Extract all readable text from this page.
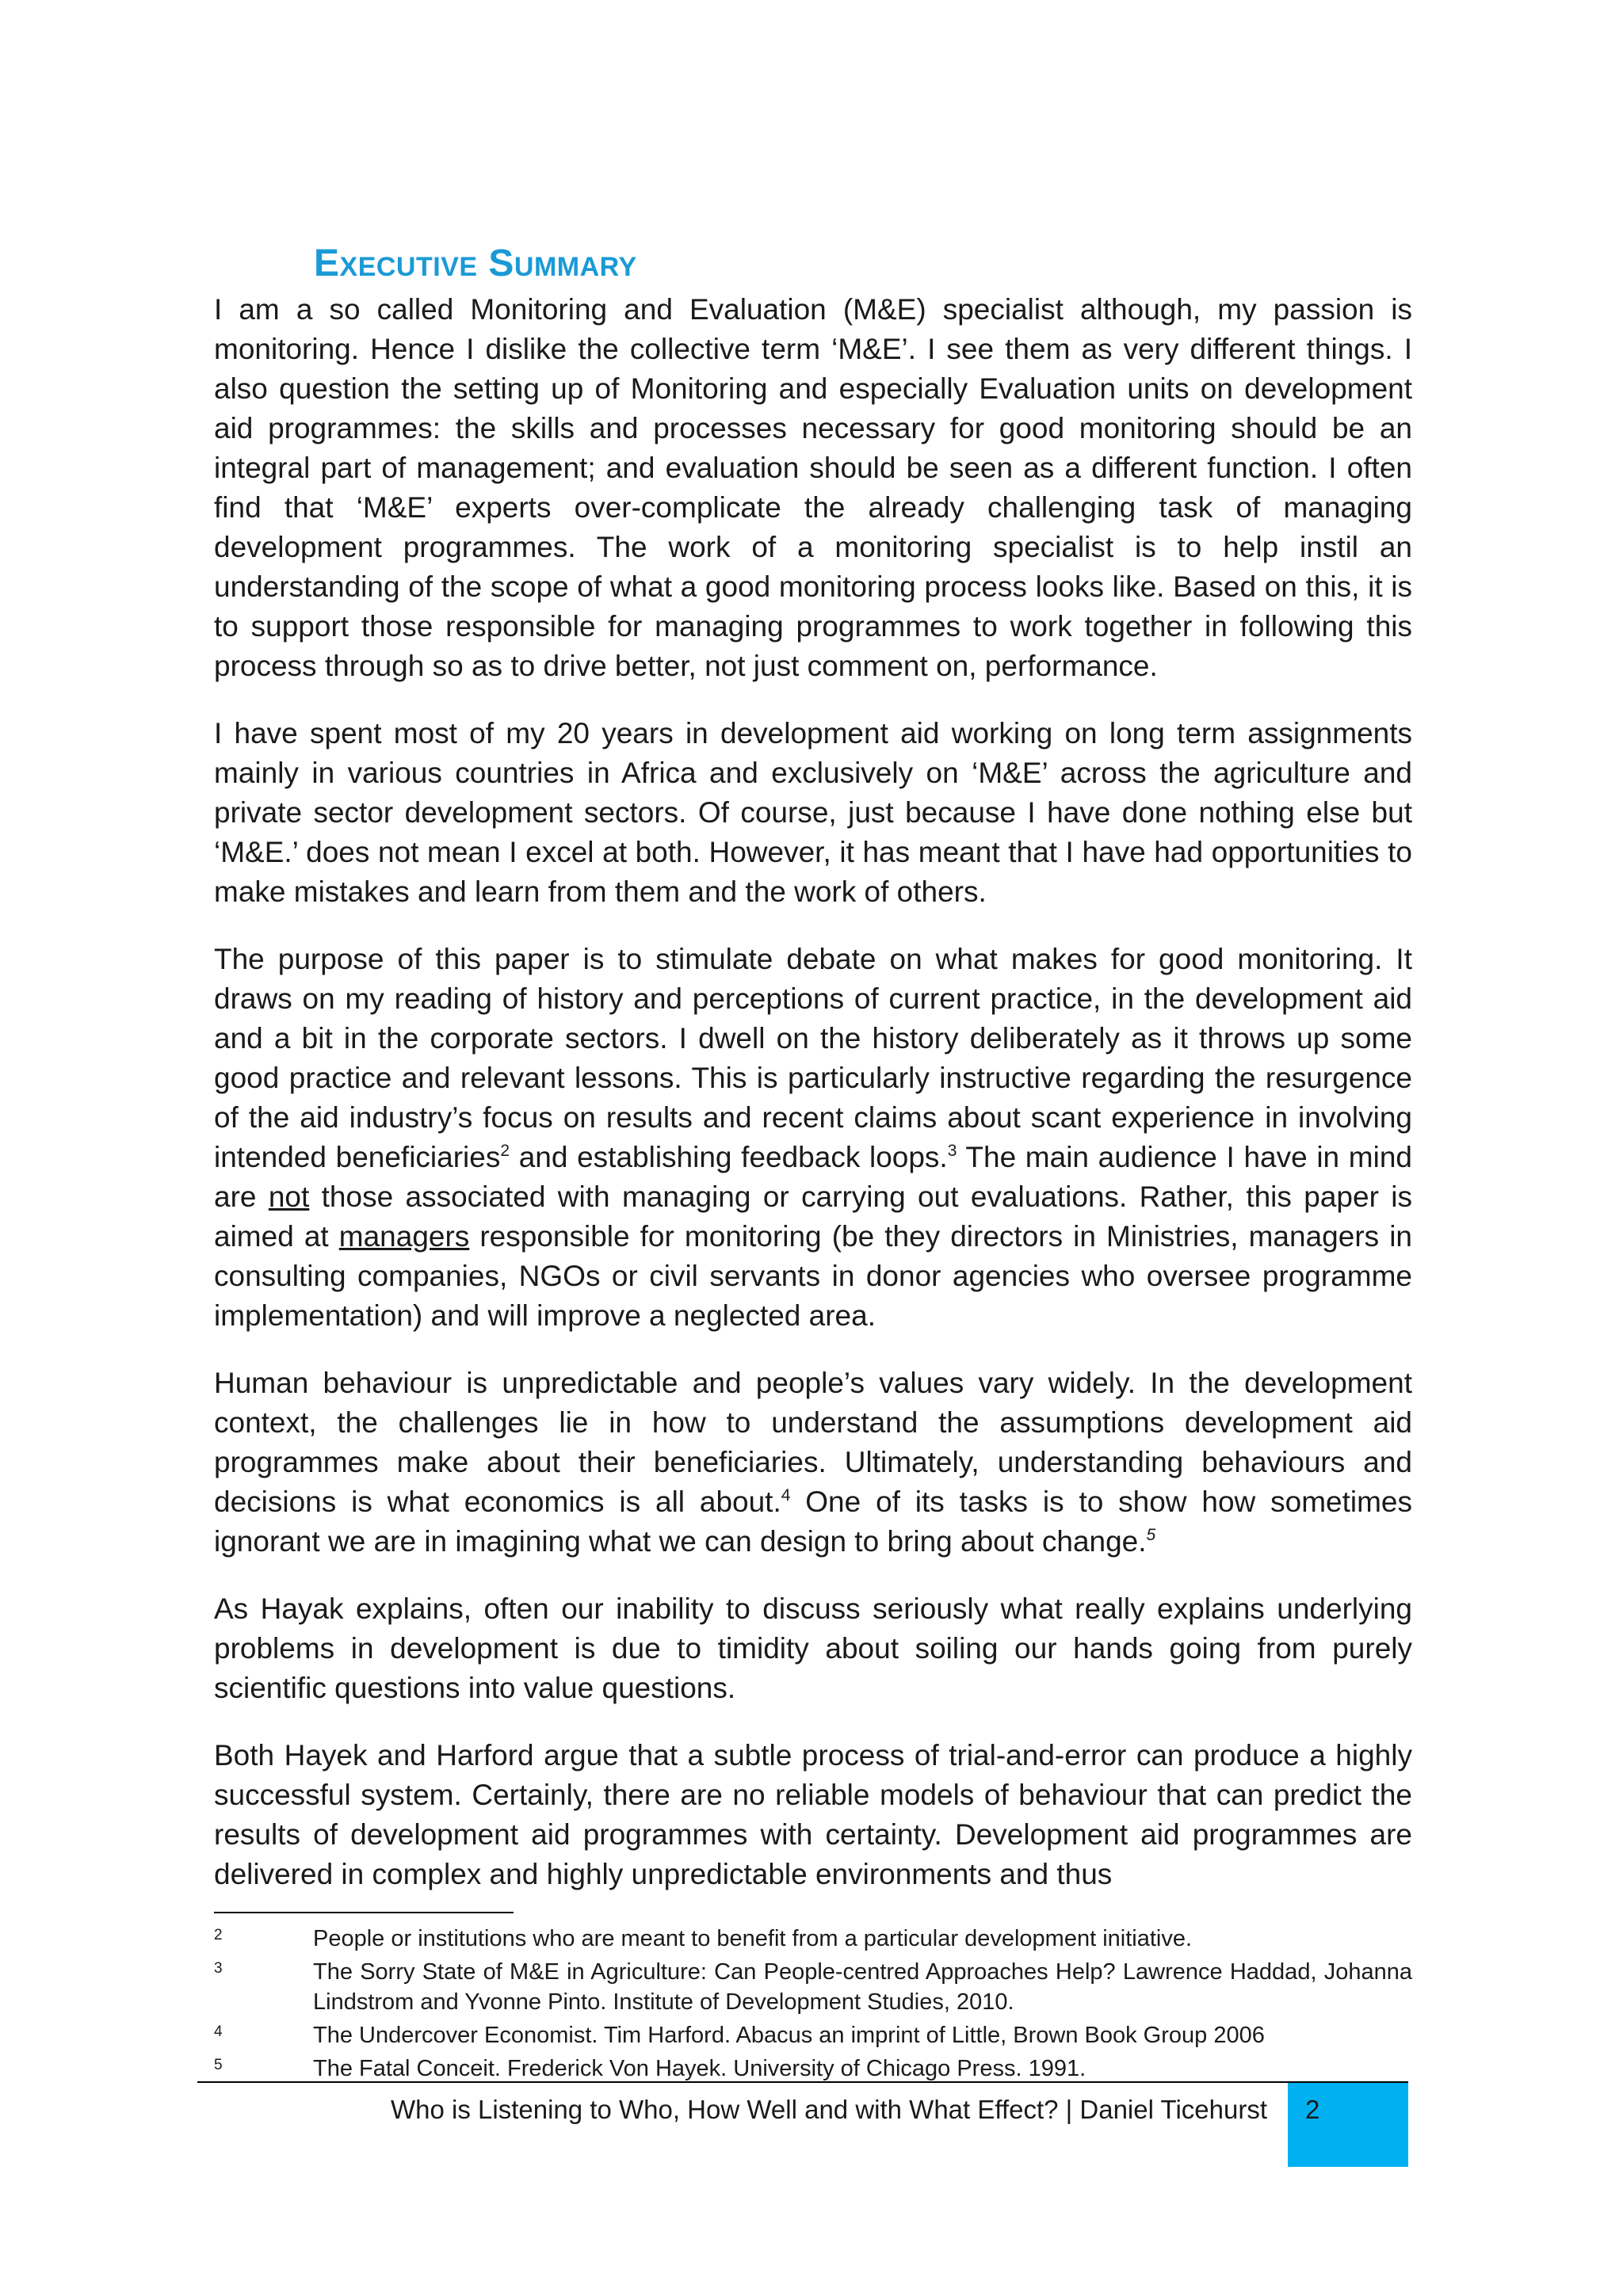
Executive Summary

I am a so called Monitoring and Evaluation (M&E) specialist although, my passion is monitoring. Hence I dislike the collective term ‘M&E’. I see them as very different things. I also question the setting up of Monitoring and especially Evaluation units on development aid programmes: the skills and processes necessary for good monitoring should be an integral part of management; and evaluation should be seen as a different function. I often find that ‘M&E’ experts over-complicate the already challenging task of managing development programmes. The work of a monitoring specialist is to help instil an understanding of the scope of what a good monitoring process looks like. Based on this, it is to support those responsible for managing programmes to work together in following this process through so as to drive better, not just comment on, performance.

I have spent most of my 20 years in development aid working on long term assignments mainly in various countries in Africa and exclusively on ‘M&E’ across the agriculture and private sector development sectors. Of course, just because I have done nothing else but ‘M&E.’ does not mean I excel at both. However, it has meant that I have had opportunities to make mistakes and learn from them and the work of others.

The purpose of this paper is to stimulate debate on what makes for good monitoring. It draws on my reading of history and perceptions of current practice, in the development aid and a bit in the corporate sectors. I dwell on the history deliberately as it throws up some good practice and relevant lessons. This is particularly instructive regarding the resurgence of the aid industry’s focus on results and recent claims about scant experience in involving intended beneficiaries$^2$ and establishing feedback loops.$^3$ The main audience I have in mind are not those associated with managing or carrying out evaluations. Rather, this paper is aimed at managers responsible for monitoring (be they directors in Ministries, managers in consulting companies, NGOs or civil servants in donor agencies who oversee programme implementation) and will improve a neglected area.

Human behaviour is unpredictable and people’s values vary widely. In the development context, the challenges lie in how to understand the assumptions development aid programmes make about their beneficiaries. Ultimately, understanding behaviours and decisions is what economics is all about.$^4$ One of its tasks is to show how sometimes ignorant we are in imagining what we can design to bring about change.$^5$

As Hayak explains, often our inability to discuss seriously what really explains underlying problems in development is due to timidity about soiling our hands going from purely scientific questions into value questions.

Both Hayek and Harford argue that a subtle process of trial-and-error can produce a highly successful system. Certainly, there are no reliable models of behaviour that can predict the results of development aid programmes with certainty. Development aid programmes are delivered in complex and highly unpredictable environments and thus

2	People or institutions who are meant to benefit from a particular development initiative.
3	The Sorry State of M&E in Agriculture: Can People-centred Approaches Help? Lawrence Haddad, Johanna Lindstrom and Yvonne Pinto. Institute of Development Studies, 2010.
4	The Undercover Economist. Tim Harford. Abacus an imprint of Little, Brown Book Group 2006
5	The Fatal Conceit. Frederick Von Hayek. University of Chicago Press. 1991.
Who is Listening to Who, How Well and with What Effect? | Daniel Ticehurst 2
